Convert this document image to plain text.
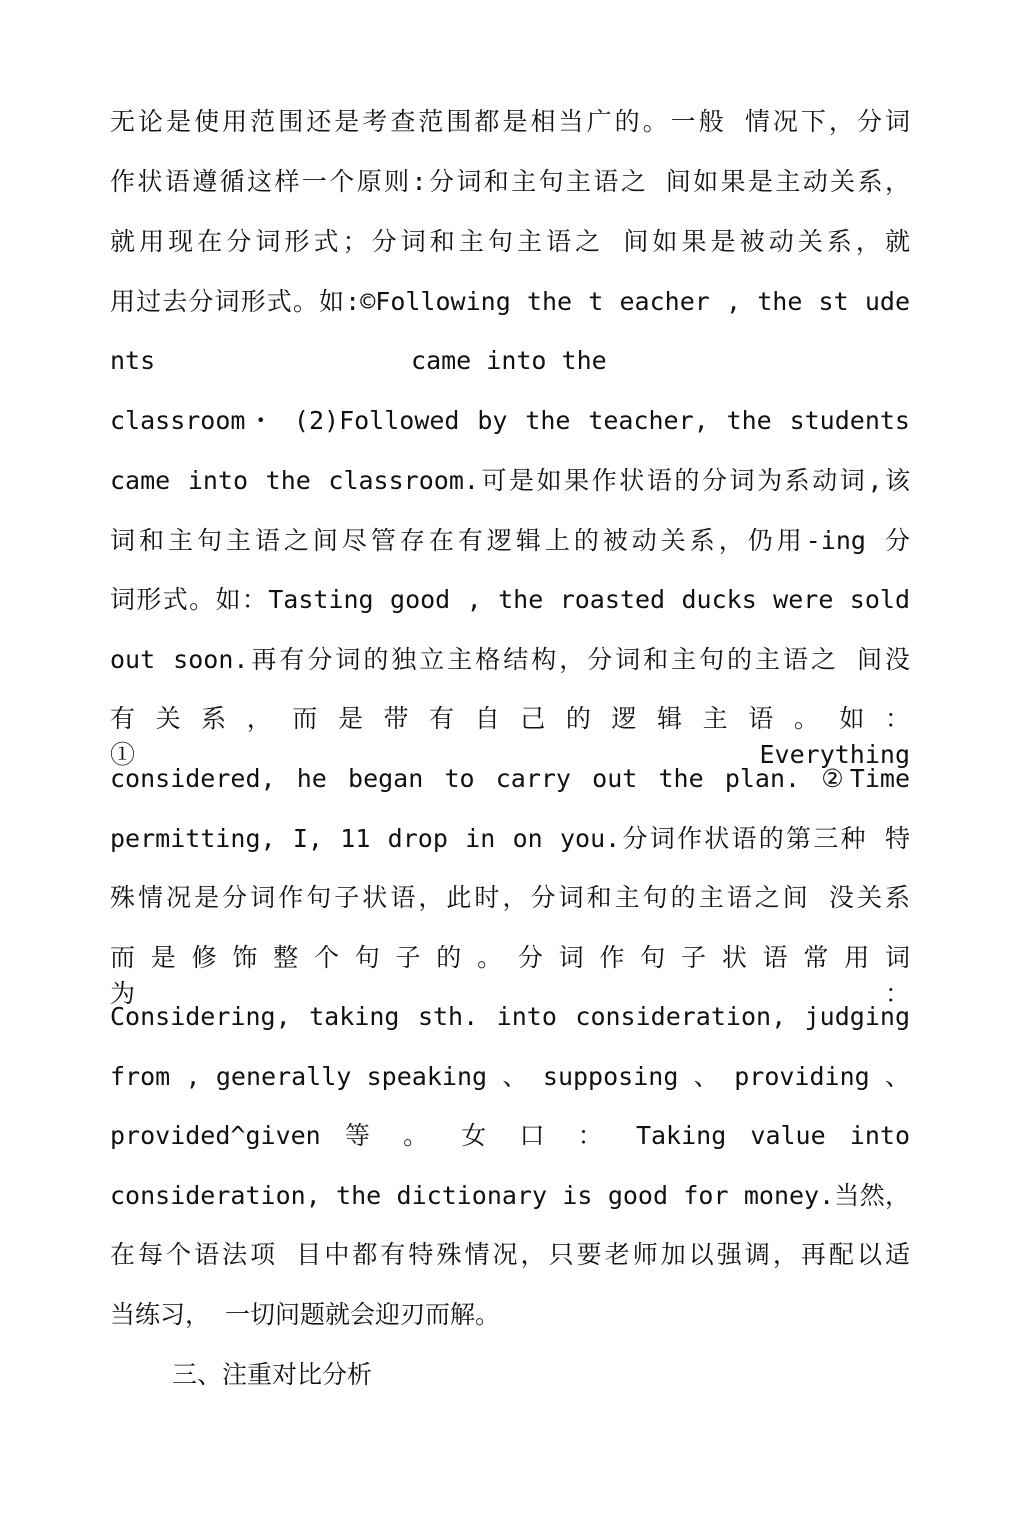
无论是使用范围还是考查范围都是相当广的。一般 情况下，分词
作状语遵循这样一个原则:分词和主句主语之 间如果是主动关系，
就用现在分词形式；分词和主句主语之 间如果是被动关系，就
用过去分词形式。如:©Following the t eacher , the st ude
nts                 came into the
classroom・ (2)Followed by the teacher, the students
came into the classroom.可是如果作状语的分词为系动词,该
词和主句主语之间尽管存在有逻辑上的被动关系，仍用-ing 分
词形式。如：Tasting good , the roasted ducks were sold
out soon.再有分词的独立主格结构，分词和主句的主语之 间没
有 关 系 ， 而 是 带 有 自 己 的 逻 辑 主 语 。 如 ： ①Everything
considered, he began to carry out the plan. ②Time
permitting, I, 11 drop in on you.分词作状语的第三种 特
殊情况是分词作句子状语，此时，分词和主句的主语之间 没关系
而 是 修 饰 整 个 句 子 的 。 分 词 作 句 子 状 语 常 用 词 为 ：
Considering, taking sth. into consideration, judging
from , generally speaking 、 supposing 、 providing 、
provided^given 等 。 女 口 ： Taking value into
consideration, the dictionary is good for money.当然，
在每个语法项 目中都有特殊情况，只要老师加以强调，再配以适
当练习， 一切问题就会迎刃而解。
三、注重对比分析
